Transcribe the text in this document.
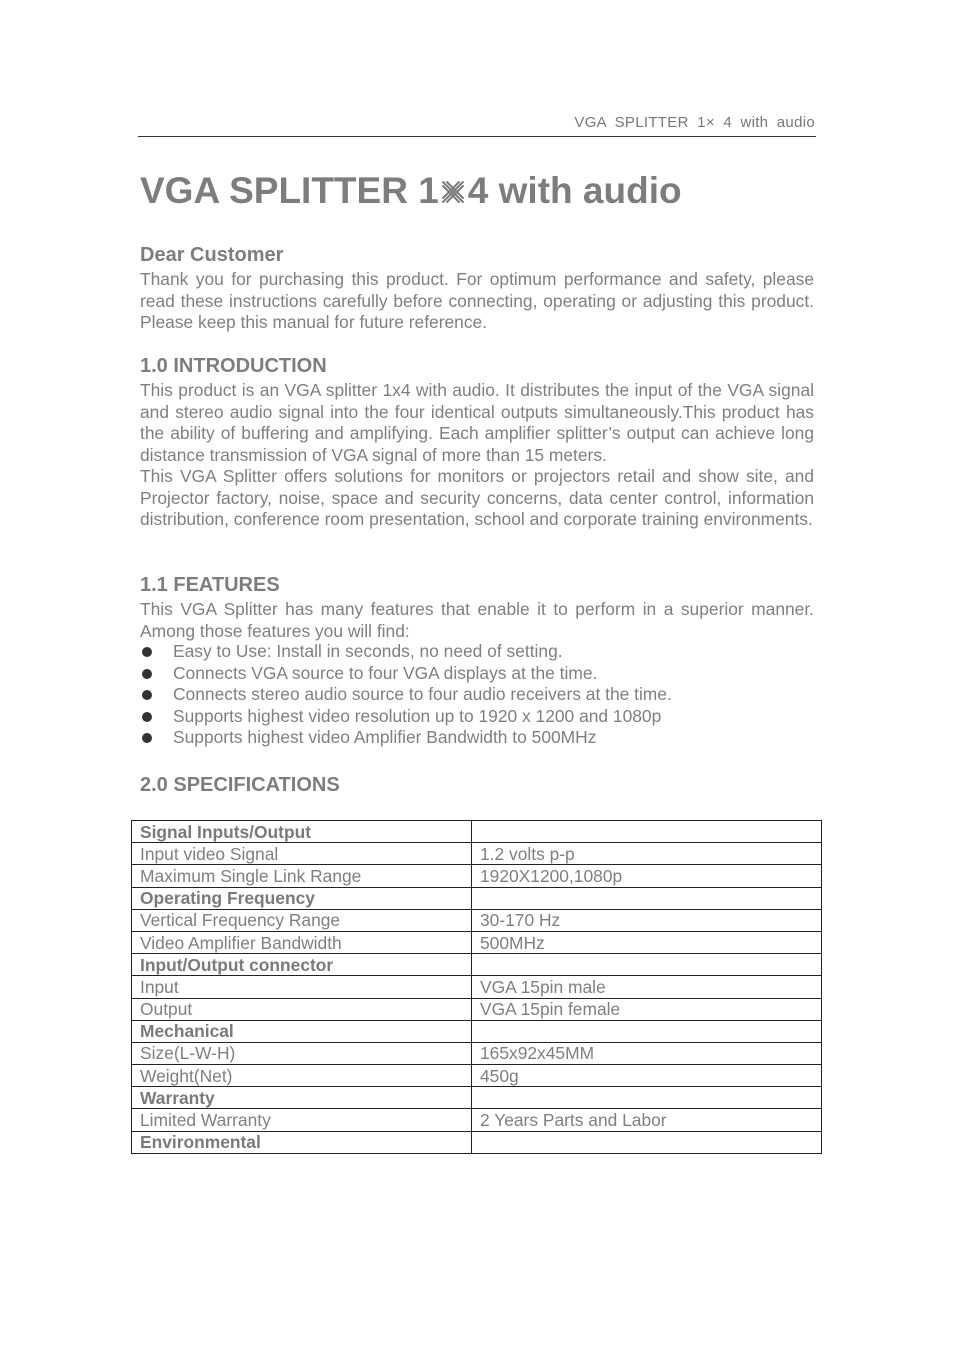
VGA SPLITTER 1× 4 with audio
VGA SPLITTER 1 4 with audio
Dear Customer

Thank you for purchasing this product. For optimum performance and safety, please read these instructions carefully before connecting, operating or adjusting this product. Please keep this manual for future reference.

1.0 INTRODUCTION

This product is an VGA splitter 1x4 with audio. It distributes the input of the VGA signal and stereo audio signal into the four identical outputs simultaneously.This product has the ability of buffering and amplifying. Each amplifier splitter’s output can achieve long distance transmission of VGA signal of more than 15 meters.

This VGA Splitter offers solutions for monitors or projectors retail and show site, and Projector factory, noise, space and security concerns, data center control, information distribution, conference room presentation, school and corporate training environments.

1.1 FEATURES

This VGA Splitter has many features that enable it to perform in a superior manner. Among those features you will find:

Easy to Use: Install in seconds, no need of setting.
Connects VGA source to four VGA displays at the time.
Connects stereo audio source to four audio receivers at the time.
Supports highest video resolution up to 1920 x 1200 and 1080p
Supports highest video Amplifier Bandwidth to 500MHz
2.0 SPECIFICATIONS
Signal Inputs/Output	
Input video Signal	1.2 volts p-p
Maximum Single Link Range	1920X1200,1080p
Operating Frequency	
Vertical Frequency Range	30-170 Hz
Video Amplifier Bandwidth	500MHz
Input/Output connector	
Input	VGA 15pin male
Output	VGA 15pin female
Mechanical	
Size(L-W-H)	165x92x45MM
Weight(Net)	450g
Warranty	
Limited Warranty	2 Years Parts and Labor
Environmental	
